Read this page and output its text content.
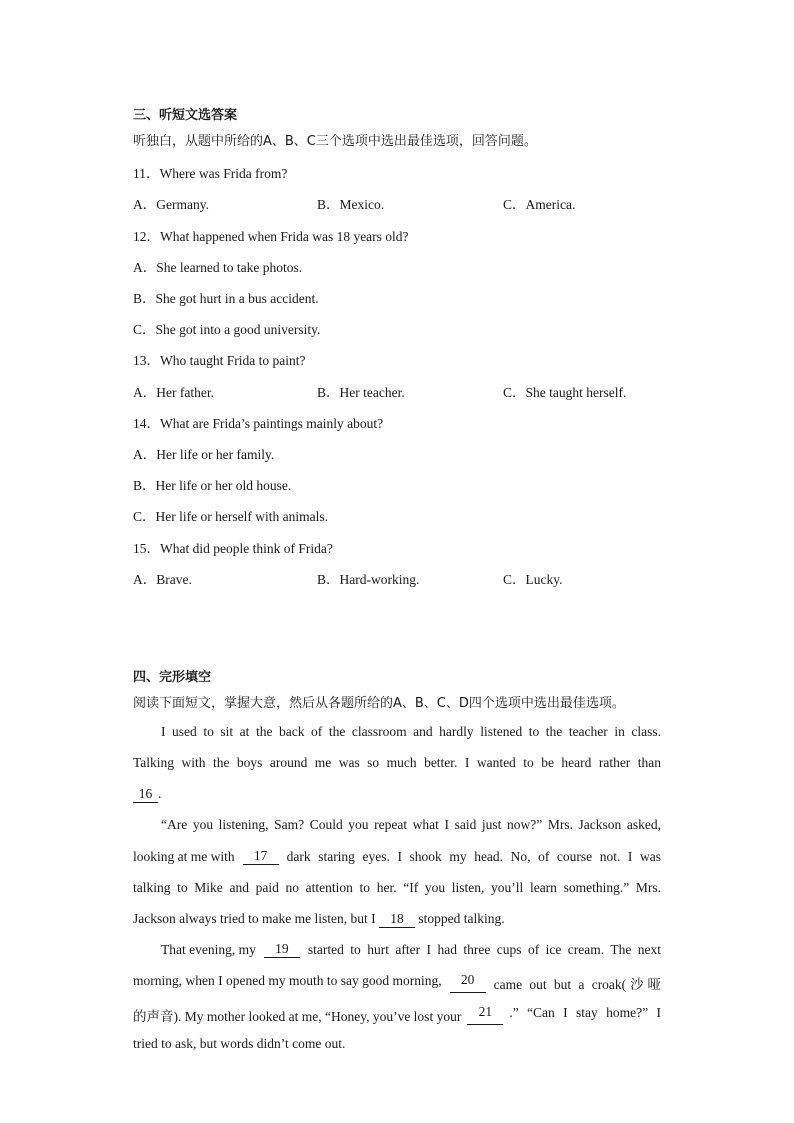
三、听短文选答案
听独白，从题中所给的A、B、C三个选项中选出最佳选项，回答问题。
11．Where was Frida from?
A．Germany.	B．Mexico.	C．America.
12．What happened when Frida was 18 years old?
A．She learned to take photos.
B．She got hurt in a bus accident.
C．She got into a good university.
13．Who taught Frida to paint?
A．Her father.	B．Her teacher.	C．She taught herself.
14．What are Frida’s paintings mainly about?
A．Her life or her family.
B．Her life or her old house.
C．Her life or herself with animals.
15．What did people think of Frida?
A．Brave.	B．Hard-working.	C．Lucky.
四、完形填空
阅读下面短文，掌握大意，然后从各题所给的A、B、C、D四个选项中选出最佳选项。
I used to sit at the back of the classroom and hardly listened to the teacher in class.
Talking with the boys around me was so much better. I wanted to be heard rather than
16 .
“Are you listening, Sam? Could you repeat what I said just now?” Mrs. Jackson asked,
looking at me with	17	dark staring eyes. I shook my head. No, of course not. I was
talking to Mike and paid no attention to her. “If you listen, you’ll learn something.” Mrs.
Jackson always tried to make me listen, but I 18 stopped talking.
That evening, my	19	started to hurt after I had three cups of ice cream. The next
morning, when I opened my mouth to say good morning,	20	came out but a croak(沙哑
的声音). My mother looked at me, “Honey, you’ve lost your	21	.” “Can I stay home?” I
tried to ask, but words didn’t come out.
